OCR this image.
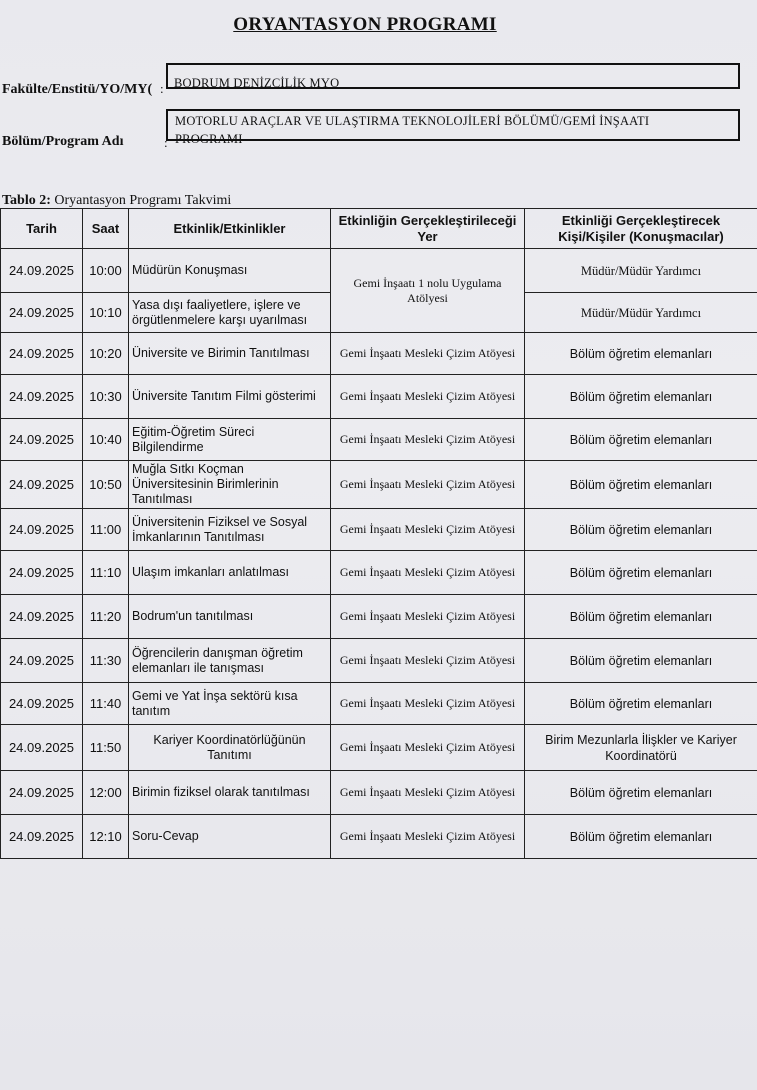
ORYANTASYON PROGRAMI
Fakülte/Enstitü/YO/MY( : BODRUM DENİZCİLİK MYO
Bölüm/Program Adı	:
MOTORLU ARAÇLAR VE ULAŞTIRMA TEKNOLOJİLERİ BÖLÜMÜ/GEMİ İNŞAATI
PROGRAMI
Tablo 2: Oryantasyon Programı Takvimi
Tarih	Saat	Etkinlik/Etkinlikler	Etkinliğin Gerçekleştirileceği Yer	Etkinliği Gerçekleştirecek Kişi/Kişiler (Konuşmacılar)
24.09.2025	10:00	Müdürün Konuşması	Gemi İnşaatı 1 nolu Uygulama Atölyesi	Müdür/Müdür Yardımcı
24.09.2025	10:10	Yasa dışı faaliyetlere, işlere ve örgütlenmelere karşı uyarılması		Müdür/Müdür Yardımcı
24.09.2025	10:20	Üniversite ve Birimin Tanıtılması	Gemi İnşaatı Mesleki Çizim Atöyesi	Bölüm öğretim elemanları
24.09.2025	10:30	Üniversite Tanıtım Filmi gösterimi	Gemi İnşaatı Mesleki Çizim Atöyesi	Bölüm öğretim elemanları
24.09.2025	10:40	Eğitim-Öğretim Süreci Bilgilendirme	Gemi İnşaatı Mesleki Çizim Atöyesi	Bölüm öğretim elemanları
24.09.2025	10:50	Muğla Sıtkı Koçman Üniversitesinin Birimlerinin Tanıtılması	Gemi İnşaatı Mesleki Çizim Atöyesi	Bölüm öğretim elemanları
24.09.2025	11:00	Üniversitenin Fiziksel ve Sosyal İmkanlarının Tanıtılması	Gemi İnşaatı Mesleki Çizim Atöyesi	Bölüm öğretim elemanları
24.09.2025	11:10	Ulaşım imkanları anlatılması	Gemi İnşaatı Mesleki Çizim Atöyesi	Bölüm öğretim elemanları
24.09.2025	11:20	Bodrum'un tanıtılması	Gemi İnşaatı Mesleki Çizim Atöyesi	Bölüm öğretim elemanları
24.09.2025	11:30	Öğrencilerin danışman öğretim elemanları ile tanışması	Gemi İnşaatı Mesleki Çizim Atöyesi	Bölüm öğretim elemanları
24.09.2025	11:40	Gemi ve Yat İnşa sektörü kısa tanıtım	Gemi İnşaatı Mesleki Çizim Atöyesi	Bölüm öğretim elemanları
24.09.2025	11:50	Kariyer Koordinatörlüğünün Tanıtımı	Gemi İnşaatı Mesleki Çizim Atöyesi	Birim Mezunlarla İlişkler ve Kariyer Koordinatörü
24.09.2025	12:00	Birimin fiziksel olarak tanıtılması	Gemi İnşaatı Mesleki Çizim Atöyesi	Bölüm öğretim elemanları
24.09.2025	12:10	Soru-Cevap	Gemi İnşaatı Mesleki Çizim Atöyesi	Bölüm öğretim elemanları
